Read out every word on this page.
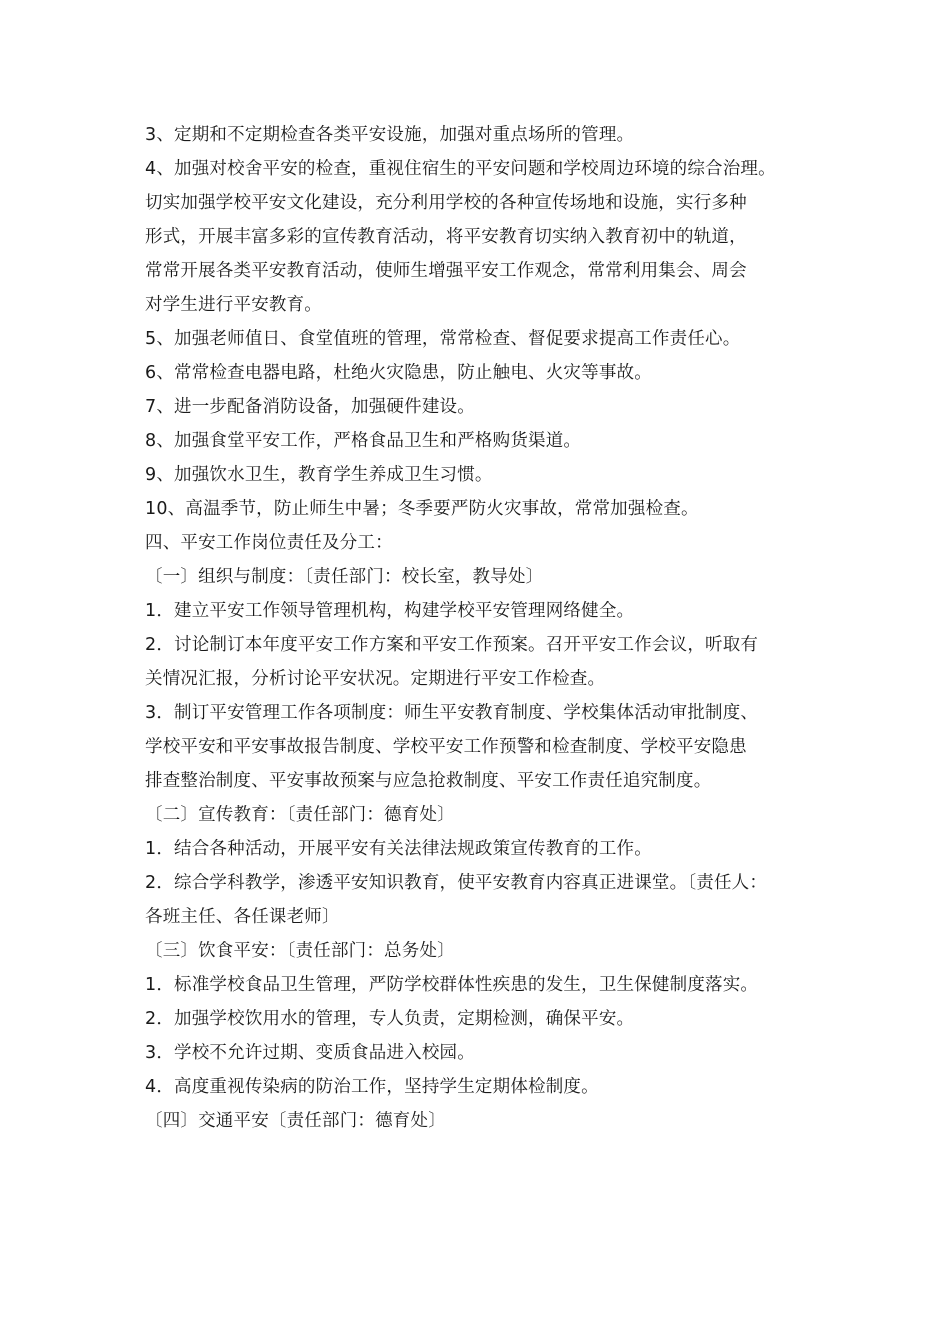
3、定期和不定期检查各类平安设施，加强对重点场所的管理。
4、加强对校舍平安的检查，重视住宿生的平安问题和学校周边环境的综合治理。
切实加强学校平安文化建设，充分利用学校的各种宣传场地和设施，实行多种
形式，开展丰富多彩的宣传教育活动，将平安教育切实纳入教育初中的轨道，
常常开展各类平安教育活动，使师生增强平安工作观念，常常利用集会、周会
对学生进行平安教育。
5、加强老师值日、食堂值班的管理，常常检查、督促要求提高工作责任心。
6、常常检查电器电路，杜绝火灾隐患，防止触电、火灾等事故。
7、进一步配备消防设备，加强硬件建设。
8、加强食堂平安工作，严格食品卫生和严格购货渠道。
9、加强饮水卫生，教育学生养成卫生习惯。
10、高温季节，防止师生中暑；冬季要严防火灾事故，常常加强检查。
四、平安工作岗位责任及分工：
〔一〕组织与制度：〔责任部门：校长室，教导处〕
1．建立平安工作领导管理机构，构建学校平安管理网络健全。
2．讨论制订本年度平安工作方案和平安工作预案。召开平安工作会议，听取有
关情况汇报，分析讨论平安状况。定期进行平安工作检查。
3．制订平安管理工作各项制度：师生平安教育制度、学校集体活动审批制度、
学校平安和平安事故报告制度、学校平安工作预警和检查制度、学校平安隐患
排查整治制度、平安事故预案与应急抢救制度、平安工作责任追究制度。
〔二〕宣传教育：〔责任部门：德育处〕
1．结合各种活动，开展平安有关法律法规政策宣传教育的工作。
2．综合学科教学，渗透平安知识教育，使平安教育内容真正进课堂。〔责任人：
各班主任、各任课老师〕
〔三〕饮食平安：〔责任部门：总务处〕
1．标准学校食品卫生管理，严防学校群体性疾患的发生，卫生保健制度落实。
2．加强学校饮用水的管理，专人负责，定期检测，确保平安。
3．学校不允许过期、变质食品进入校园。
4．高度重视传染病的防治工作，坚持学生定期体检制度。
〔四〕交通平安〔责任部门：德育处〕
